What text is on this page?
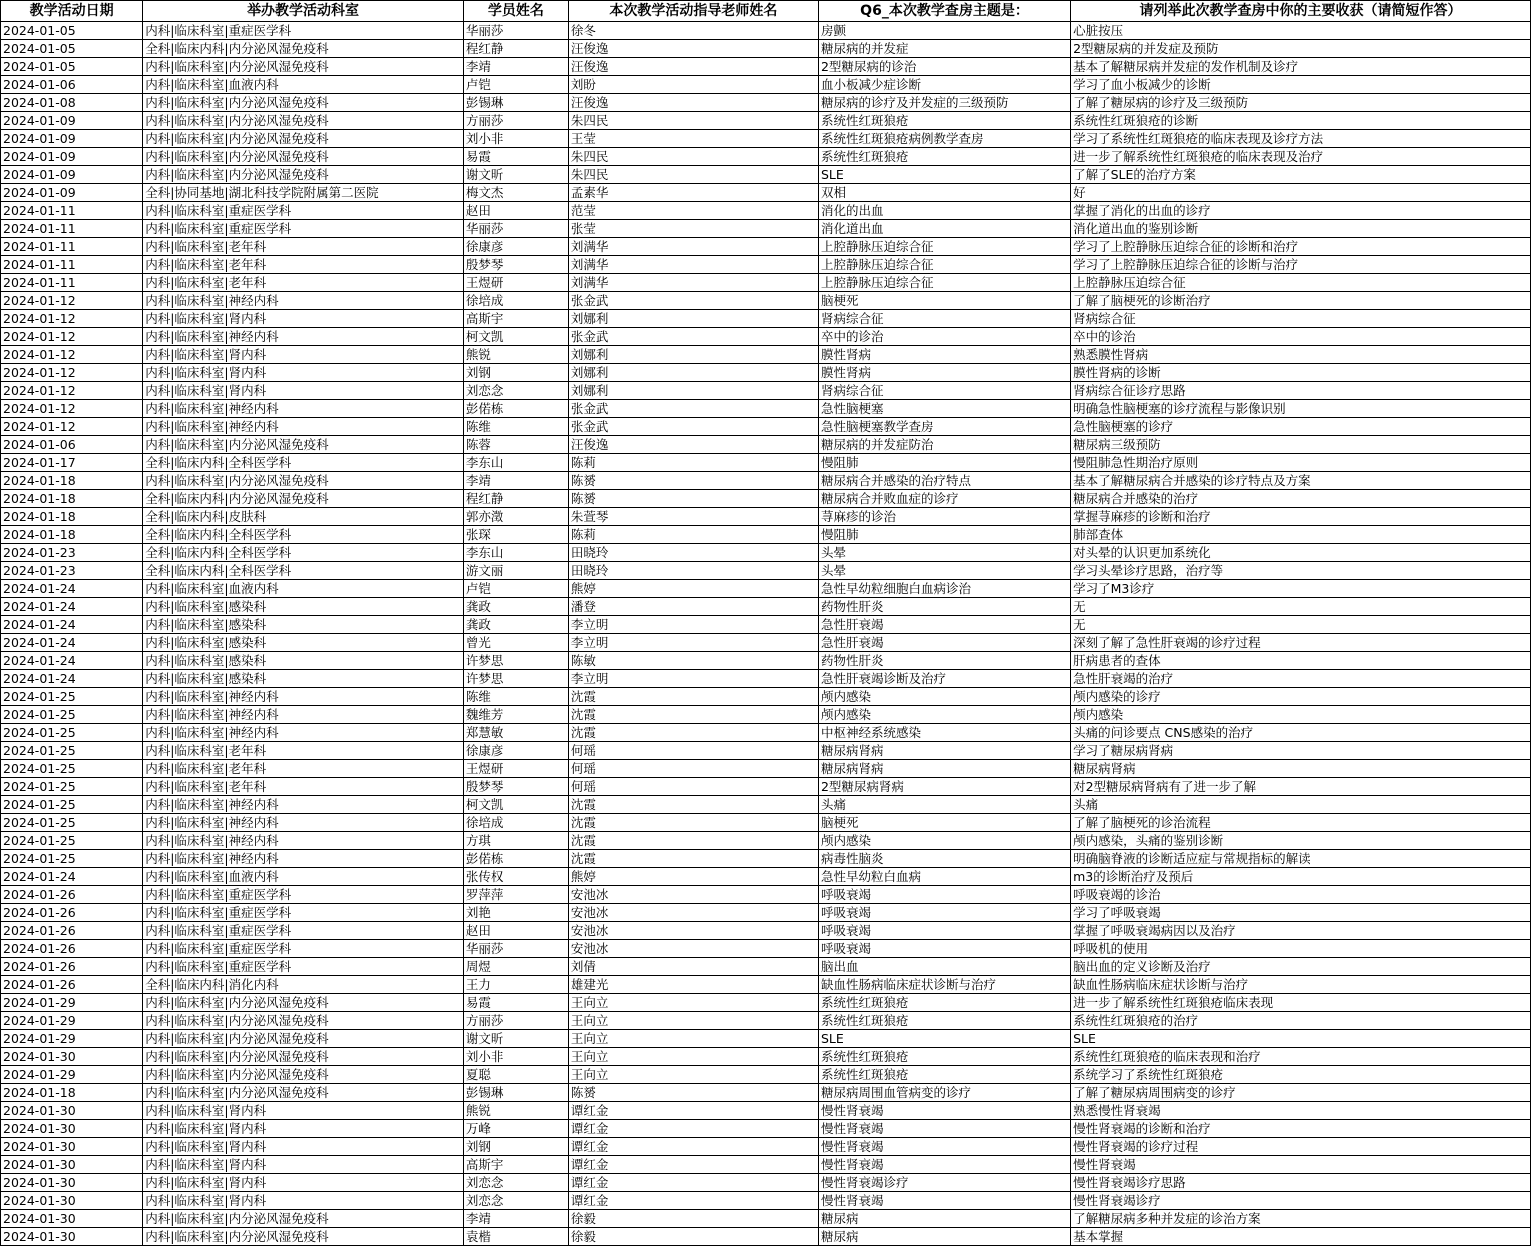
教学活动日期	举办教学活动科室	学员姓名	本次教学活动指导老师姓名	Q6_本次教学查房主题是：	请列举此次教学查房中你的主要收获（请简短作答）
2024-01-05	内科|临床科室|重症医学科	华丽莎	徐冬	房颤	心脏按压
2024-01-05	全科|临床内科|内分泌风湿免疫科	程红静	汪俊逸	糖尿病的并发症	2型糖尿病的并发症及预防
2024-01-05	内科|临床科室|内分泌风湿免疫科	李靖	汪俊逸	2型糖尿病的诊治	基本了解糖尿病并发症的发作机制及诊疗
2024-01-06	内科|临床科室|血液内科	卢铠	刘盼	血小板减少症诊断	学习了血小板减少的诊断
2024-01-08	内科|临床科室|内分泌风湿免疫科	彭锡琳	汪俊逸	糖尿病的诊疗及并发症的三级预防	了解了糖尿病的诊疗及三级预防
2024-01-09	内科|临床科室|内分泌风湿免疫科	方丽莎	朱四民	系统性红斑狼疮	系统性红斑狼疮的诊断
2024-01-09	内科|临床科室|内分泌风湿免疫科	刘小非	王莹	系统性红斑狼疮病例教学查房	学习了系统性红斑狼疮的临床表现及诊疗方法
2024-01-09	内科|临床科室|内分泌风湿免疫科	易霞	朱四民	系统性红斑狼疮	进一步了解系统性红斑狼疮的临床表现及治疗
2024-01-09	内科|临床科室|内分泌风湿免疫科	谢文昕	朱四民	SLE	了解了SLE的治疗方案
2024-01-09	全科|协同基地|湖北科技学院附属第二医院	梅文杰	孟素华	双相	好
2024-01-11	内科|临床科室|重症医学科	赵田	范莹	消化的出血	掌握了消化的出血的诊疗
2024-01-11	内科|临床科室|重症医学科	华丽莎	张莹	消化道出血	消化道出血的鉴别诊断
2024-01-11	内科|临床科室|老年科	徐康彦	刘满华	上腔静脉压迫综合征	学习了上腔静脉压迫综合征的诊断和治疗
2024-01-11	内科|临床科室|老年科	殷梦琴	刘满华	上腔静脉压迫综合征	学习了上腔静脉压迫综合征的诊断与治疗
2024-01-11	内科|临床科室|老年科	王煜研	刘满华	上腔静脉压迫综合征	上腔静脉压迫综合征
2024-01-12	内科|临床科室|神经内科	徐培成	张金武	脑梗死	了解了脑梗死的诊断治疗
2024-01-12	内科|临床科室|肾内科	高斯宇	刘娜利	肾病综合征	肾病综合征
2024-01-12	内科|临床科室|神经内科	柯文凯	张金武	卒中的诊治	卒中的诊治
2024-01-12	内科|临床科室|肾内科	熊锐	刘娜利	膜性肾病	熟悉膜性肾病
2024-01-12	内科|临床科室|肾内科	刘钢	刘娜利	膜性肾病	膜性肾病的诊断
2024-01-12	内科|临床科室|肾内科	刘恋念	刘娜利	肾病综合征	肾病综合征诊疗思路
2024-01-12	内科|临床科室|神经内科	彭偌栋	张金武	急性脑梗塞	明确急性脑梗塞的诊疗流程与影像识别
2024-01-12	内科|临床科室|神经内科	陈维	张金武	急性脑梗塞教学查房	急性脑梗塞的诊疗
2024-01-06	内科|临床科室|内分泌风湿免疫科	陈蓉	汪俊逸	糖尿病的并发症防治	糖尿病三级预防
2024-01-17	全科|临床内科|全科医学科	李东山	陈莉	慢阻肺	慢阻肺急性期治疗原则
2024-01-18	内科|临床科室|内分泌风湿免疫科	李靖	陈赟	糖尿病合并感染的治疗特点	基本了解糖尿病合并感染的诊疗特点及方案
2024-01-18	全科|临床内科|内分泌风湿免疫科	程红静	陈赟	糖尿病合并败血症的诊疗	糖尿病合并感染的治疗
2024-01-18	全科|临床内科|皮肤科	郭亦澂	朱萱琴	荨麻疹的诊治	掌握荨麻疹的诊断和治疗
2024-01-18	全科|临床内科|全科医学科	张琛	陈莉	慢阻肺	肺部查体
2024-01-23	全科|临床内科|全科医学科	李东山	田晓玲	头晕	对头晕的认识更加系统化
2024-01-23	全科|临床内科|全科医学科	游文丽	田晓玲	头晕	学习头晕诊疗思路，治疗等
2024-01-24	内科|临床科室|血液内科	卢铠	熊婷	急性早幼粒细胞白血病诊治	学习了M3诊疗
2024-01-24	内科|临床科室|感染科	龚政	潘登	药物性肝炎	无
2024-01-24	内科|临床科室|感染科	龚政	李立明	急性肝衰竭	无
2024-01-24	内科|临床科室|感染科	曾光	李立明	急性肝衰竭	深刻了解了急性肝衰竭的诊疗过程
2024-01-24	内科|临床科室|感染科	许梦思	陈敏	药物性肝炎	肝病患者的查体
2024-01-24	内科|临床科室|感染科	许梦思	李立明	急性肝衰竭诊断及治疗	急性肝衰竭的治疗
2024-01-25	内科|临床科室|神经内科	陈维	沈霞	颅内感染	颅内感染的诊疗
2024-01-25	内科|临床科室|神经内科	魏维芳	沈霞	颅内感染	颅内感染
2024-01-25	内科|临床科室|神经内科	郑慧敏	沈霞	中枢神经系统感染	头痛的问诊要点 CNS感染的治疗
2024-01-25	内科|临床科室|老年科	徐康彦	何瑶	糖尿病肾病	学习了糖尿病肾病
2024-01-25	内科|临床科室|老年科	王煜研	何瑶	糖尿病肾病	糖尿病肾病
2024-01-25	内科|临床科室|老年科	殷梦琴	何瑶	2型糖尿病肾病	对2型糖尿病肾病有了进一步了解
2024-01-25	内科|临床科室|神经内科	柯文凯	沈霞	头痛	头痛
2024-01-25	内科|临床科室|神经内科	徐培成	沈霞	脑梗死	了解了脑梗死的诊治流程
2024-01-25	内科|临床科室|神经内科	方琪	沈霞	颅内感染	颅内感染，头痛的鉴别诊断
2024-01-25	内科|临床科室|神经内科	彭偌栋	沈霞	病毒性脑炎	明确脑脊液的诊断适应症与常规指标的解读
2024-01-24	内科|临床科室|血液内科	张传权	熊婷	急性早幼粒白血病	m3的诊断治疗及预后
2024-01-26	内科|临床科室|重症医学科	罗萍萍	安池冰	呼吸衰竭	呼吸衰竭的诊治
2024-01-26	内科|临床科室|重症医学科	刘艳	安池冰	呼吸衰竭	学习了呼吸衰竭
2024-01-26	内科|临床科室|重症医学科	赵田	安池冰	呼吸衰竭	掌握了呼吸衰竭病因以及治疗
2024-01-26	内科|临床科室|重症医学科	华丽莎	安池冰	呼吸衰竭	呼吸机的使用
2024-01-26	内科|临床科室|重症医学科	周煜	刘倩	脑出血	脑出血的定义诊断及治疗
2024-01-26	全科|临床内科|消化内科	王力	雄建光	缺血性肠病临床症状诊断与治疗	缺血性肠病临床症状诊断与治疗
2024-01-29	内科|临床科室|内分泌风湿免疫科	易霞	王向立	系统性红斑狼疮	进一步了解系统性红斑狼疮临床表现
2024-01-29	内科|临床科室|内分泌风湿免疫科	方丽莎	王向立	系统性红斑狼疮	系统性红斑狼疮的治疗
2024-01-29	内科|临床科室|内分泌风湿免疫科	谢文昕	王向立	SLE	SLE
2024-01-30	内科|临床科室|内分泌风湿免疫科	刘小非	王向立	系统性红斑狼疮	系统性红斑狼疮的临床表现和治疗
2024-01-29	内科|临床科室|内分泌风湿免疫科	夏聪	王向立	系统性红斑狼疮	系统学习了系统性红斑狼疮
2024-01-18	内科|临床科室|内分泌风湿免疫科	彭锡琳	陈赟	糖尿病周围血管病变的诊疗	了解了糖尿病周围病变的诊疗
2024-01-30	内科|临床科室|肾内科	熊锐	谭红金	慢性肾衰竭	熟悉慢性肾衰竭
2024-01-30	内科|临床科室|肾内科	万峰	谭红金	慢性肾衰竭	慢性肾衰竭的诊断和治疗
2024-01-30	内科|临床科室|肾内科	刘钢	谭红金	慢性肾衰竭	慢性肾衰竭的诊疗过程
2024-01-30	内科|临床科室|肾内科	高斯宇	谭红金	慢性肾衰竭	慢性肾衰竭
2024-01-30	内科|临床科室|肾内科	刘恋念	谭红金	慢性肾衰竭诊疗	慢性肾衰竭诊疗思路
2024-01-30	内科|临床科室|肾内科	刘恋念	谭红金	慢性肾衰竭	慢性肾衰竭诊疗
2024-01-30	内科|临床科室|内分泌风湿免疫科	李靖	徐毅	糖尿病	了解糖尿病多种并发症的诊治方案
2024-01-30	内科|临床科室|内分泌风湿免疫科	袁楷	徐毅	糖尿病	基本掌握
